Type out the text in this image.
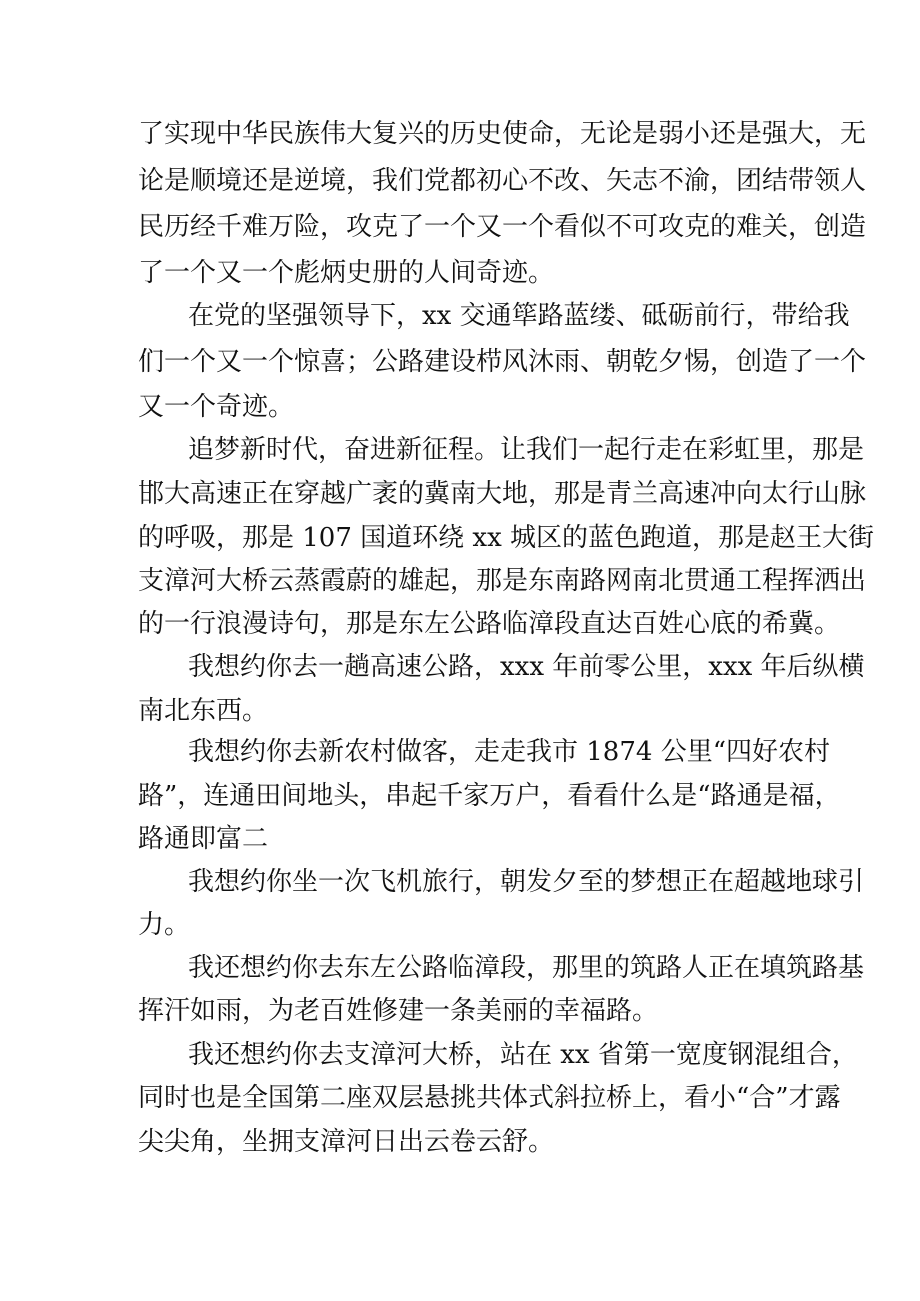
了实现中华民族伟大复兴的历史使命，无论是弱小还是强大，无

论是顺境还是逆境，我们党都初心不改、矢志不渝，团结带领人

民历经千难万险，攻克了一个又一个看似不可攻克的难关，创造

了一个又一个彪炳史册的人间奇迹。

在党的坚强领导下，xx 交通筚路蓝缕、砥砺前行，带给我

们一个又一个惊喜；公路建设栉风沐雨、朝乾夕惕，创造了一个

又一个奇迹。

追梦新时代，奋进新征程。让我们一起行走在彩虹里，那是

邯大高速正在穿越广袤的冀南大地，那是青兰高速冲向太行山脉

的呼吸，那是 107 国道环绕 xx 城区的蓝色跑道，那是赵王大街

支漳河大桥云蒸霞蔚的雄起，那是东南路网南北贯通工程挥洒出

的一行浪漫诗句，那是东左公路临漳段直达百姓心底的希冀。

我想约你去一趟高速公路，xxx 年前零公里，xxx 年后纵横

南北东西。

我想约你去新农村做客，走走我市 1874 公里“四好农村

路”，连通田间地头，串起千家万户，看看什么是“路通是福，

路通即富二

我想约你坐一次飞机旅行，朝发夕至的梦想正在超越地球引

力。

我还想约你去东左公路临漳段，那里的筑路人正在填筑路基

挥汗如雨，为老百姓修建一条美丽的幸福路。

我还想约你去支漳河大桥，站在 xx 省第一宽度钢混组合，

同时也是全国第二座双层悬挑共体式斜拉桥上，看小“合”才露

尖尖角，坐拥支漳河日出云卷云舒。
